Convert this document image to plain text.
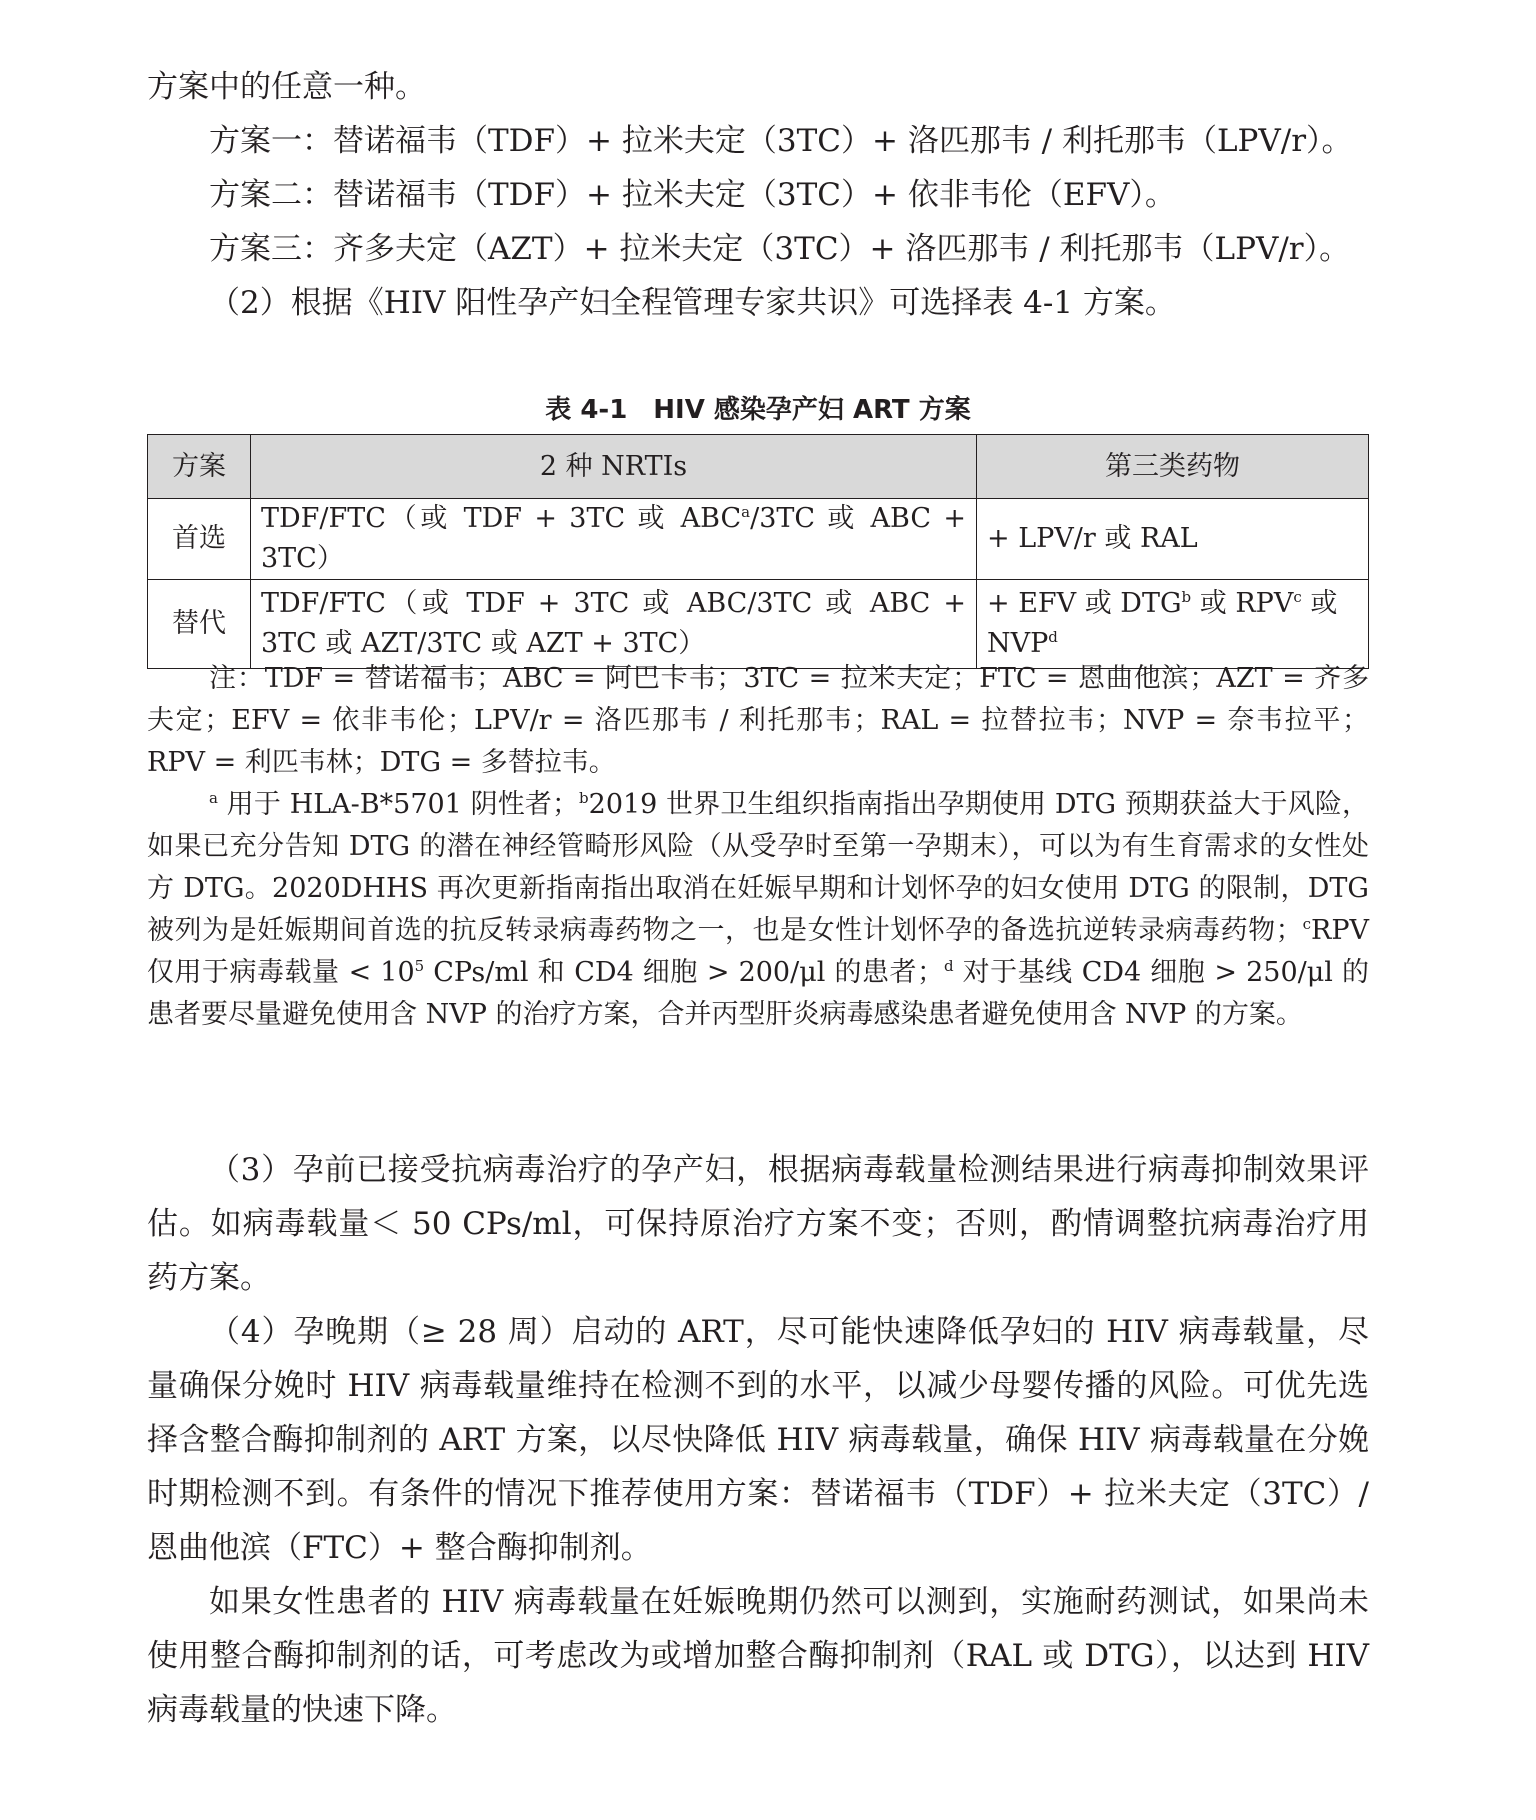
方案中的任意一种。

方案一：替诺福韦（TDF）+ 拉米夫定（3TC）+ 洛匹那韦 / 利托那韦（LPV/r）。

方案二：替诺福韦（TDF）+ 拉米夫定（3TC）+ 依非韦伦（EFV）。

方案三：齐多夫定（AZT）+ 拉米夫定（3TC）+ 洛匹那韦 / 利托那韦（LPV/r）。

（2）根据《HIV 阳性孕产妇全程管理专家共识》可选择表 4-1 方案。

表 4-1　HIV 感染孕产妇 ART 方案
方案	2 种 NRTIs	第三类药物
首选	TDF/FTC（或 TDF + 3TC 或 ABC$^a$/3TC 或 ABC + 3TC）	+ LPV/r 或 RAL
替代	TDF/FTC（或 TDF + 3TC 或 ABC/3TC 或 ABC + 3TC 或 AZT/3TC 或 AZT + 3TC）	+ EFV 或 DTG$^b$ 或 RPV$^c$ 或 NVP$^d$

注：TDF = 替诺福韦；ABC = 阿巴卡韦；3TC = 拉米夫定；FTC = 恩曲他滨；AZT = 齐多夫定；EFV = 依非韦伦；LPV/r = 洛匹那韦 / 利托那韦；RAL = 拉替拉韦；NVP = 奈韦拉平；RPV = 利匹韦林；DTG = 多替拉韦。

$^a$ 用于 HLA-B*5701 阴性者；$^b$2019 世界卫生组织指南指出孕期使用 DTG 预期获益大于风险，如果已充分告知 DTG 的潜在神经管畸形风险（从受孕时至第一孕期末），可以为有生育需求的女性处方 DTG。2020DHHS 再次更新指南指出取消在妊娠早期和计划怀孕的妇女使用 DTG 的限制，DTG 被列为是妊娠期间首选的抗反转录病毒药物之一，也是女性计划怀孕的备选抗逆转录病毒药物；$^c$RPV 仅用于病毒载量 < $10^5$ CPs/ml 和 CD4 细胞 > 200/μl 的患者；$^d$ 对于基线 CD4 细胞 > 250/μl 的患者要尽量避免使用含 NVP 的治疗方案，合并丙型肝炎病毒感染患者避免使用含 NVP 的方案。

（3）孕前已接受抗病毒治疗的孕产妇，根据病毒载量检测结果进行病毒抑制效果评估。如病毒载量＜ 50 CPs/ml，可保持原治疗方案不变；否则，酌情调整抗病毒治疗用药方案。

（4）孕晚期（≥ 28 周）启动的 ART，尽可能快速降低孕妇的 HIV 病毒载量，尽量确保分娩时 HIV 病毒载量维持在检测不到的水平，以减少母婴传播的风险。可优先选择含整合酶抑制剂的 ART 方案，以尽快降低 HIV 病毒载量，确保 HIV 病毒载量在分娩时期检测不到。有条件的情况下推荐使用方案：替诺福韦（TDF）+ 拉米夫定（3TC）/ 恩曲他滨（FTC）+ 整合酶抑制剂。

如果女性患者的 HIV 病毒载量在妊娠晚期仍然可以测到，实施耐药测试，如果尚未使用整合酶抑制剂的话，可考虑改为或增加整合酶抑制剂（RAL 或 DTG），以达到 HIV 病毒载量的快速下降。
